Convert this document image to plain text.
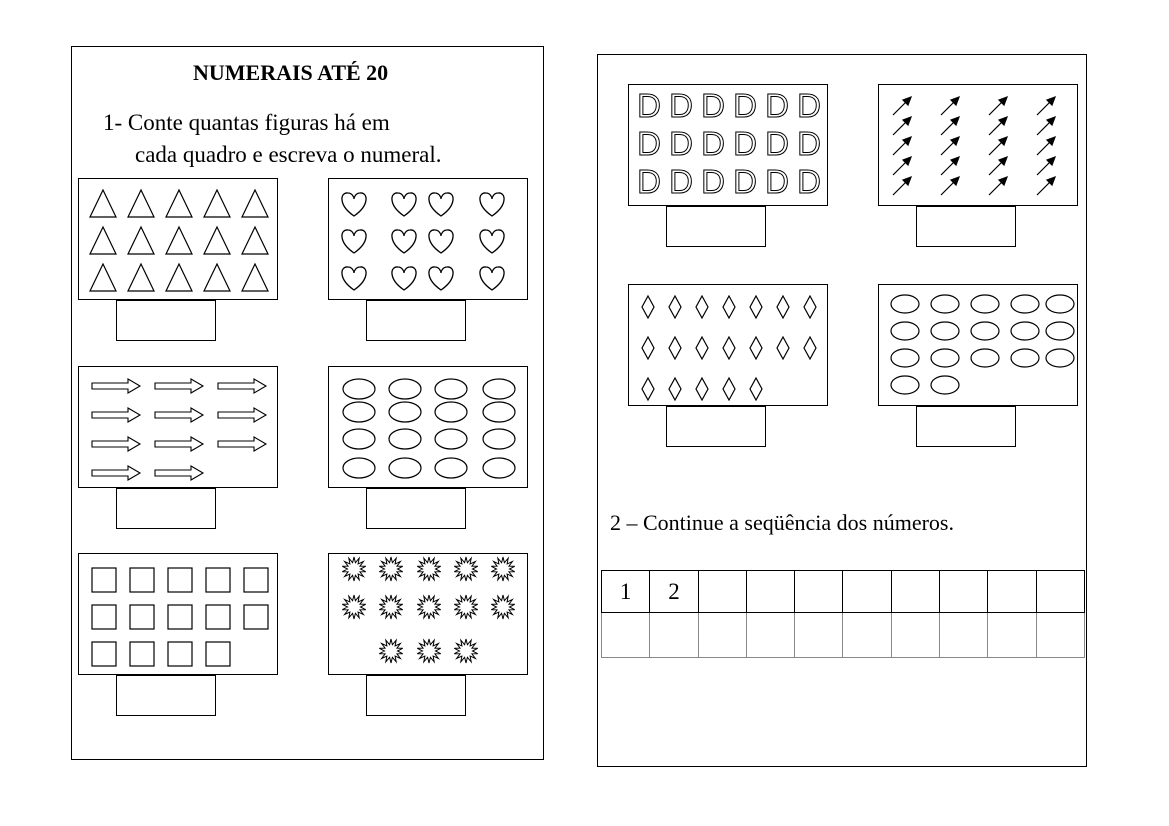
NUMERAIS ATÉ 20
1- Conte quantas figuras há em
cada quadro e escreva o numeral.
D D D D D D
D D D D D D
D D D D D D
2 – Continue a seqüência dos números.
1	2								
